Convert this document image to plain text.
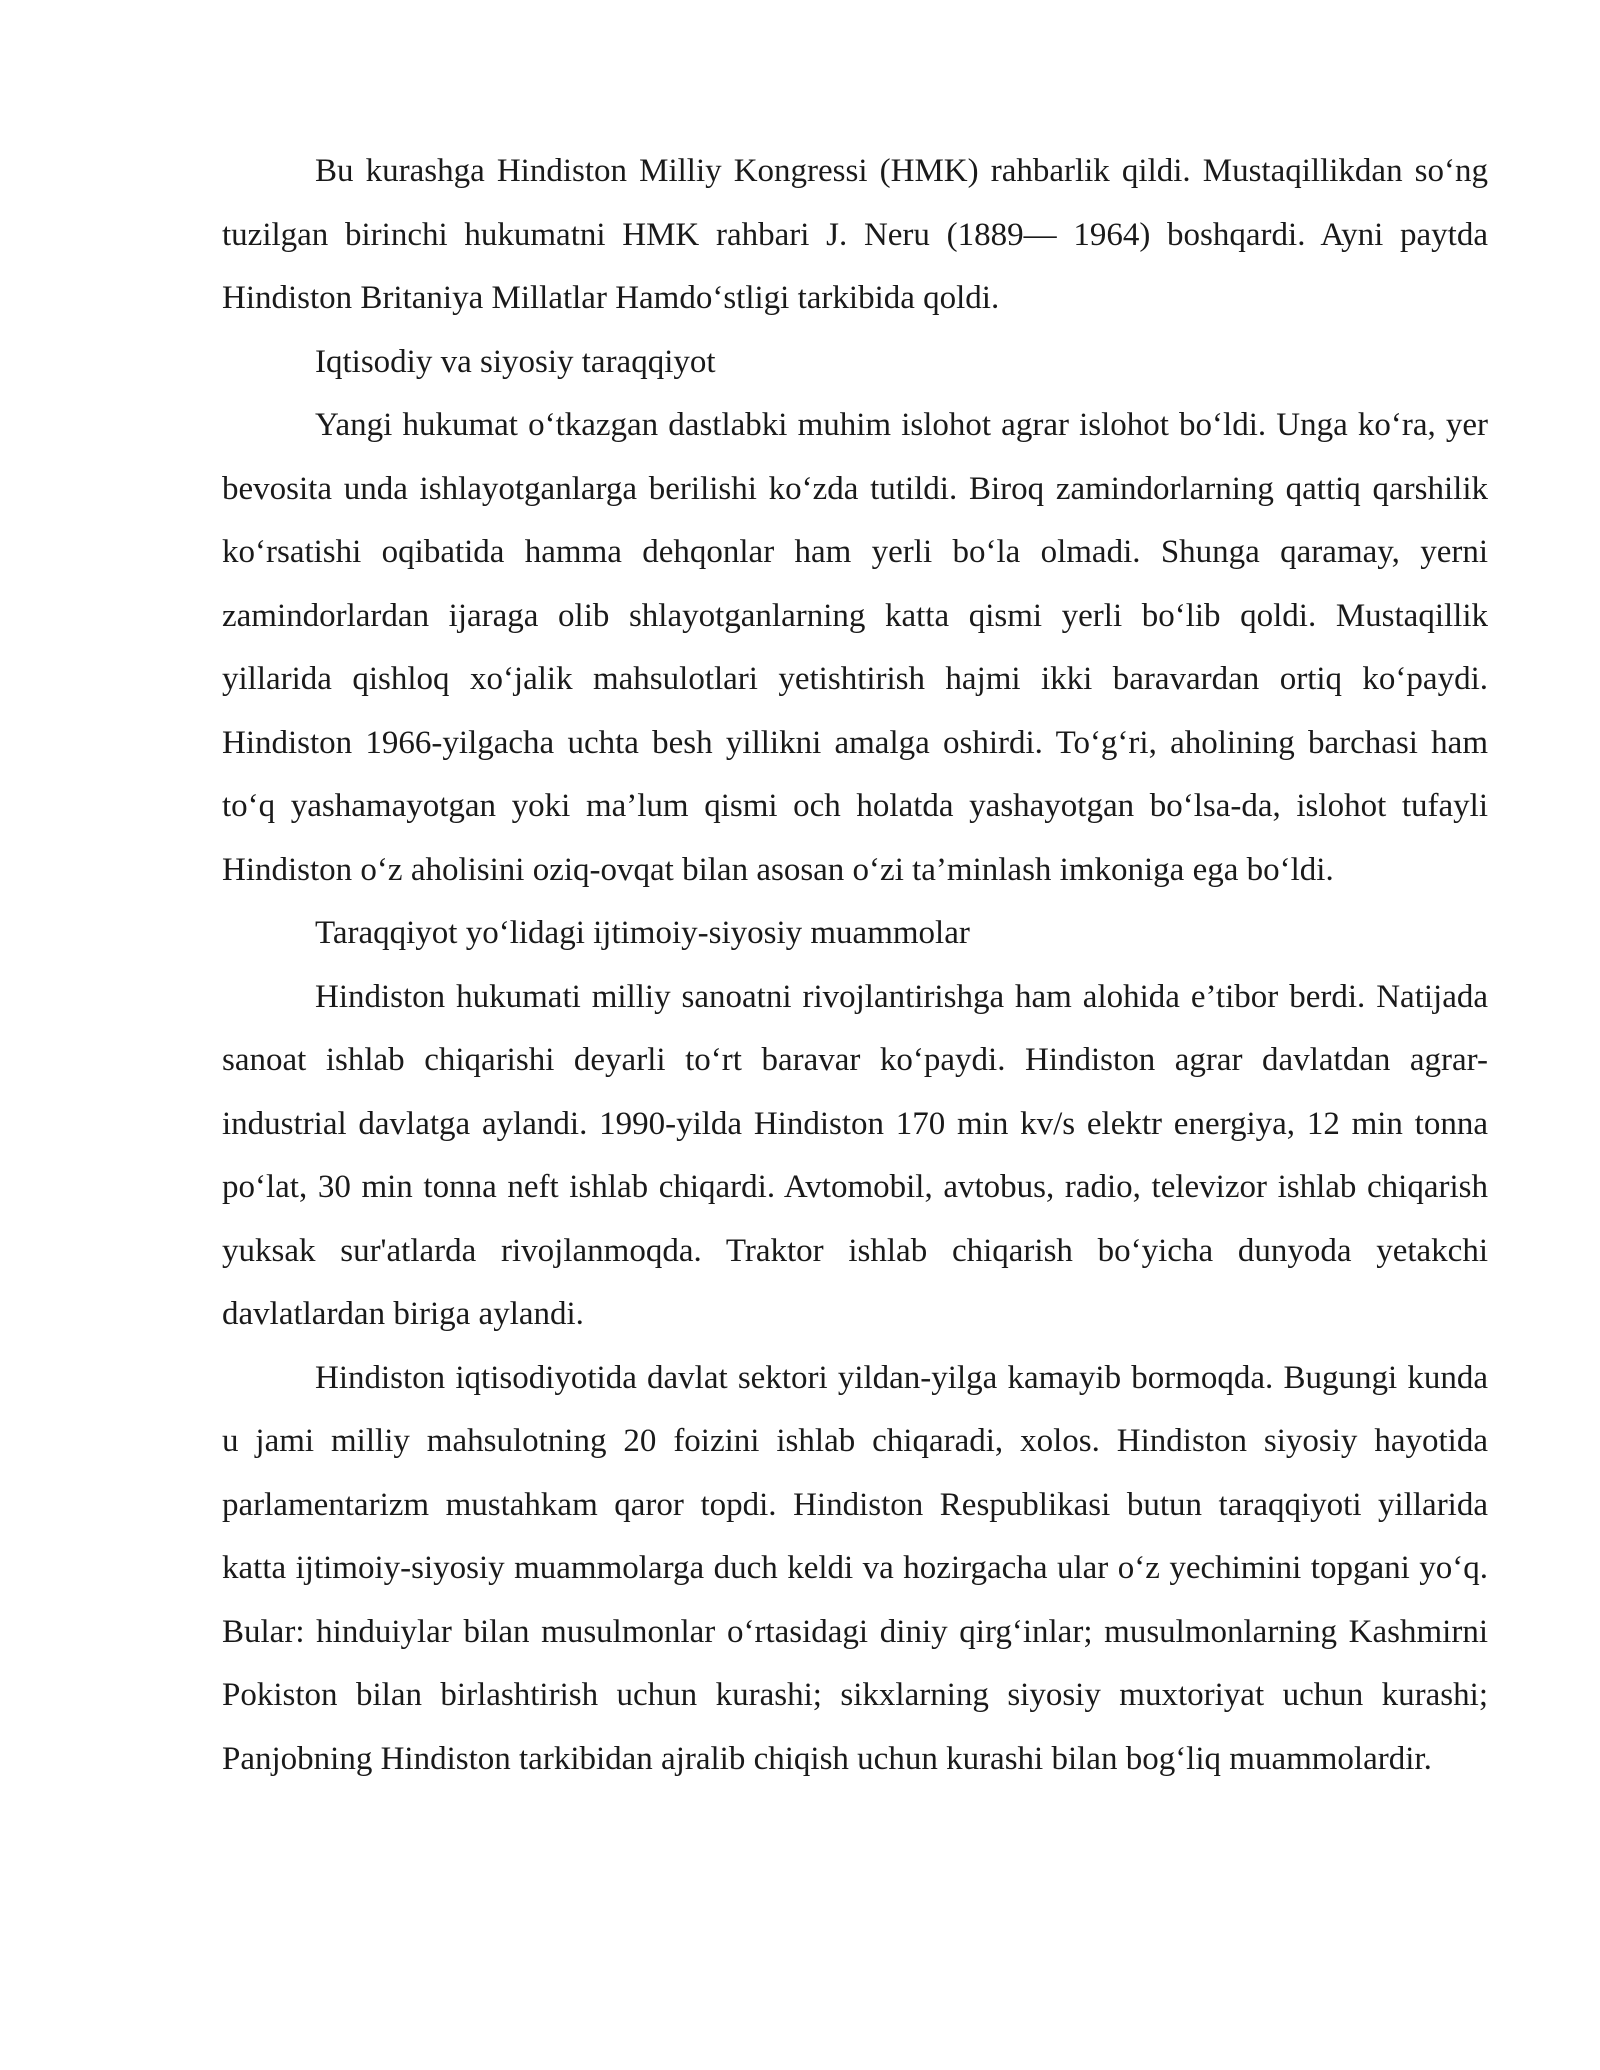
Bu kurashga Hindiston Milliy Kongressi (HMK) rahbarlik qildi. Mustaqillikdan so‘ng tuzilgan birinchi hukumatni HMK rahbari J. Neru (1889— 1964) boshqardi. Ayni paytda Hindiston Britaniya Millatlar Hamdo‘stligi tarkibida qoldi.

Iqtisodiy va siyosiy taraqqiyot

Yangi hukumat o‘tkazgan dastlabki muhim islohot agrar islohot bo‘ldi. Unga ko‘ra, yer bevosita unda ishlayotganlarga berilishi ko‘zda tutildi. Biroq zamindorlarning qattiq qarshilik ko‘rsatishi oqibatida hamma dehqonlar ham yerli bo‘la olmadi. Shunga qaramay, yerni zamindorlardan ijaraga olib shlayotganlarning katta qismi yerli bo‘lib qoldi. Mustaqillik yillarida qishloq xo‘jalik mahsulotlari yetishtirish hajmi ikki baravardan ortiq ko‘paydi. Hindiston 1966-yilgacha uchta besh yillikni amalga oshirdi. To‘g‘ri, aholining barchasi ham to‘q yashamayotgan yoki ma’lum qismi och holatda yashayotgan bo‘lsa-da, islohot tufayli Hindiston o‘z aholisini oziq-ovqat bilan asosan o‘zi ta’minlash imkoniga ega bo‘ldi.

Taraqqiyot yo‘lidagi ijtimoiy-siyosiy muammolar

Hindiston hukumati milliy sanoatni rivojlantirishga ham alohida e’tibor berdi. Natijada sanoat ishlab chiqarishi deyarli to‘rt baravar ko‘paydi. Hindiston agrar davlatdan agrar-industrial davlatga aylandi. 1990-yilda Hindiston 170 min kv/s elektr energiya, 12 min tonna po‘lat, 30 min tonna neft ishlab chiqardi. Avtomobil, avtobus, radio, televizor ishlab chiqarish yuksak sur'atlarda rivojlanmoqda. Traktor ishlab chiqarish bo‘yicha dunyoda yetakchi davlatlardan biriga aylandi.

Hindiston iqtisodiyotida davlat sektori yildan-yilga kamayib bormoqda. Bugungi kunda u jami milliy mahsulotning 20 foizini ishlab chiqaradi, xolos. Hindiston siyosiy hayotida parlamentarizm mustahkam qaror topdi. Hindiston Respublikasi butun taraqqiyoti yillarida katta ijtimoiy-siyosiy muammolarga duch keldi va hozirgacha ular o‘z yechimini topgani yo‘q. Bular: hinduiylar bilan musulmonlar o‘rtasidagi diniy qirg‘inlar; musulmonlarning Kashmirni Pokiston bilan birlashtirish uchun kurashi; sikxlarning siyosiy muxtoriyat uchun kurashi; Panjobning Hindiston tarkibidan ajralib chiqish uchun kurashi bilan bog‘liq muammolardir.
